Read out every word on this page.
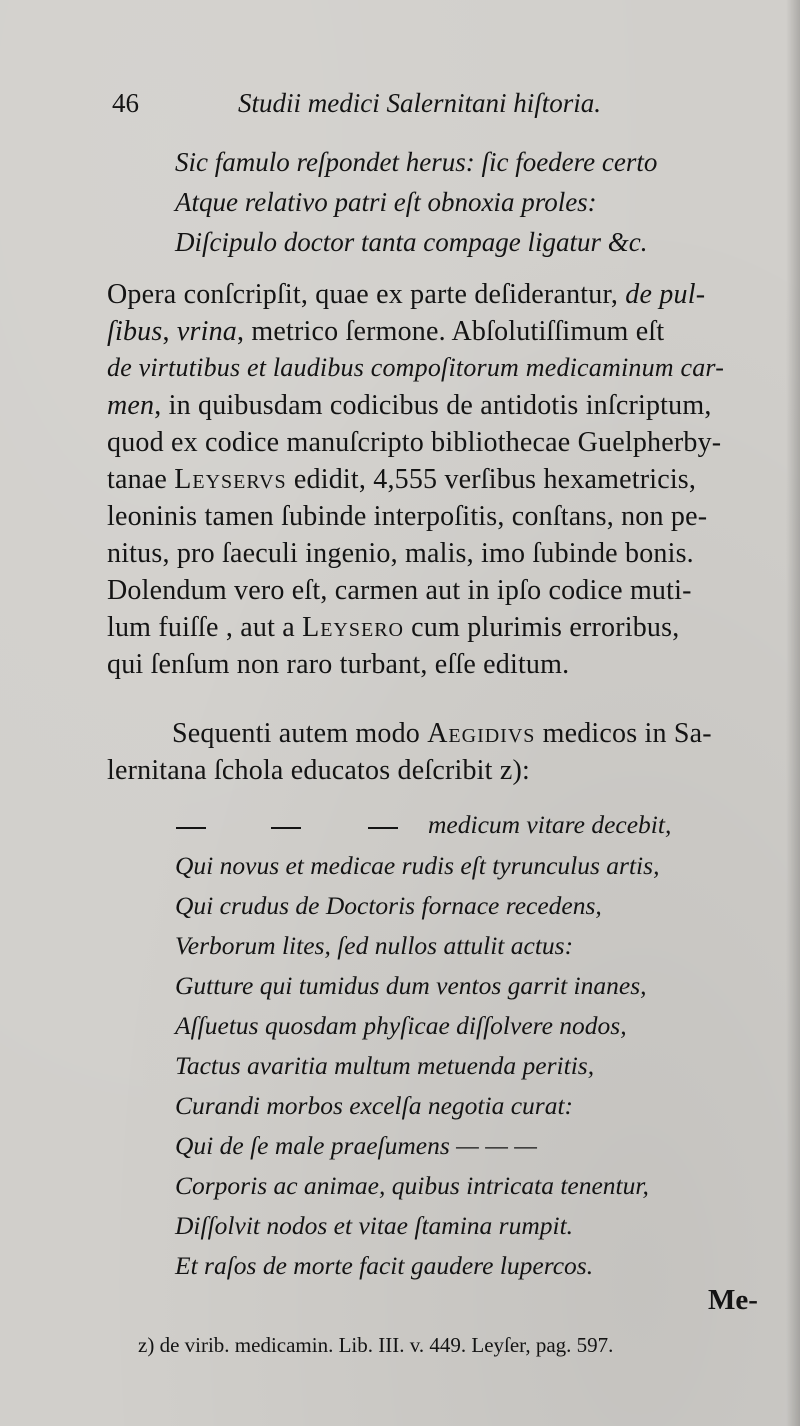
46	Studii medici Salernitani hiſtoria.
Sic famulo reſpondet herus: ſic foedere certo
Atque relativo patri eſt obnoxia proles:
Diſcipulo doctor tanta compage ligatur &c.
Opera conſcripſit, quae ex parte deſiderantur, de pul-
ſibus, vrina, metrico ſermone. Abſolutiſſimum eſt
de virtutibus et laudibus compoſitorum medicaminum car-
men, in quibusdam codicibus de antidotis inſcriptum,
quod ex codice manuſcripto bibliothecae Guelpherby-
tanae Leyservs edidit, 4,555 verſibus hexametricis,
leoninis tamen ſubinde interpoſitis, conſtans, non pe-
nitus, pro ſaeculi ingenio, malis, imo ſubinde bonis.
Dolendum vero eſt, carmen aut in ipſo codice muti-
lum fuiſſe , aut a Leysero cum plurimis erroribus,
qui ſenſum non raro turbant, eſſe editum.
Sequenti autem modo Aegidivs medicos in Sa-
lernitana ſchola educatos deſcribit z):
medicum vitare decebit,
Qui novus et medicae rudis eſt tyrunculus artis,
Qui crudus de Doctoris fornace recedens,
Verborum lites, ſed nullos attulit actus:
Gutture qui tumidus dum ventos garrit inanes,
Aſſuetus quosdam phyſicae diſſolvere nodos,
Tactus avaritia multum metuenda peritis,
Curandi morbos excelſa negotia curat:
Qui de ſe male praeſumens — — —
Corporis ac animae, quibus intricata tenentur,
Diſſolvit nodos et vitae ſtamina rumpit.
Et raſos de morte facit gaudere lupercos.
Me-
z) de virib. medicamin. Lib. III. v. 449. Leyſer, pag. 597.
